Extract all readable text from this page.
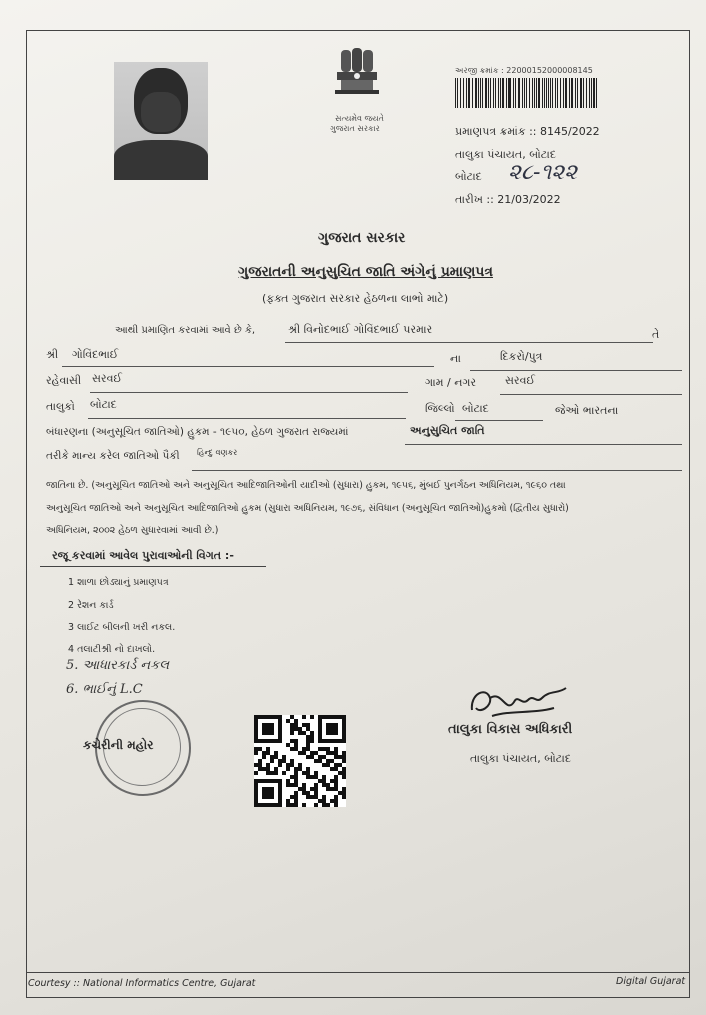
સત્યમેવ જયતે
ગુજરાત સરકાર
અરજી ક્રમાંક : 22000152000008145
પ્રમાણપત્ર ક્રમાંક :: 8145/2022
તાલુકા પંચાયત, બોટાદ
બોટાદ ૨૮-૧૨૨
તારીખ :: 21/03/2022
ગુજરાત સરકાર
ગુજરાતની અનુસુચિત જાતિ અંગેનું પ્રમાણપત્ર
(ફક્ત ગુજરાત સરકાર હેઠળના લાભો માટે)
આથી પ્રમાણિત કરવામાં આવે છે કે,	શ્રી વિનોદભાઈ ગોવિંદભાઈ પરમાર	તે
શ્રી ગોવિંદભાઈ	ના	દિકરો/પુત્ર
રહેવાસી સરવઈ	ગામ / નગર	સરવઈ
તાલુકો બોટાદ	જિલ્લો બોટાદ	જેઓ ભારતના
બંધારણના (અનુસૂચિત જાતિઓ) હુકમ - ૧૯૫૦, હેઠળ ગુજરાત રાજ્યમાં	અનુસુચિત જાતિ
તરીકે માન્ય કરેલ જાતિઓ પૈકી હિન્દુ વણકર
જાતિના છે. (અનુસૂચિત જાતિઓ અને અનુસૂચિત આદિજાતિઓની યાદીઓ (સુધારા) હુકમ, ૧૯૫૬, મુંબઈ પુનર્ગઠન અધિનિયમ, ૧૯૬૦ તથા
અનુસૂચિત જાતિઓ અને અનુસૂચિત આદિજાતિઓ હુકમ (સુધારા અધિનિયમ, ૧૯૭૬, સંવિધાન (અનુસૂચિત જાતિઓ)હુકમો (દ્વિતીય સુધારો)
અધિનિયમ, ૨૦૦૨ હેઠળ સુધારવામાં આવી છે.)
રજૂ કરવામાં આવેલ પુરાવાઓની વિગત :-
1 શાળા છોડ્યાનું પ્રમાણપત્ર
2 રેશન કાર્ડ
3 લાઈટ બીલની ખરી નકલ.
4 તલાટીશ્રી નો દાખલો.
5. આધારકાર્ડ નકલ
6. ભાઈનું L.C
કચેરીની મહોર
તાલુકા વિકાસ અધિકારી
તાલુકા પંચાયત, બોટાદ
Courtesy :: National Informatics Centre, Gujarat	Digital Gujarat
